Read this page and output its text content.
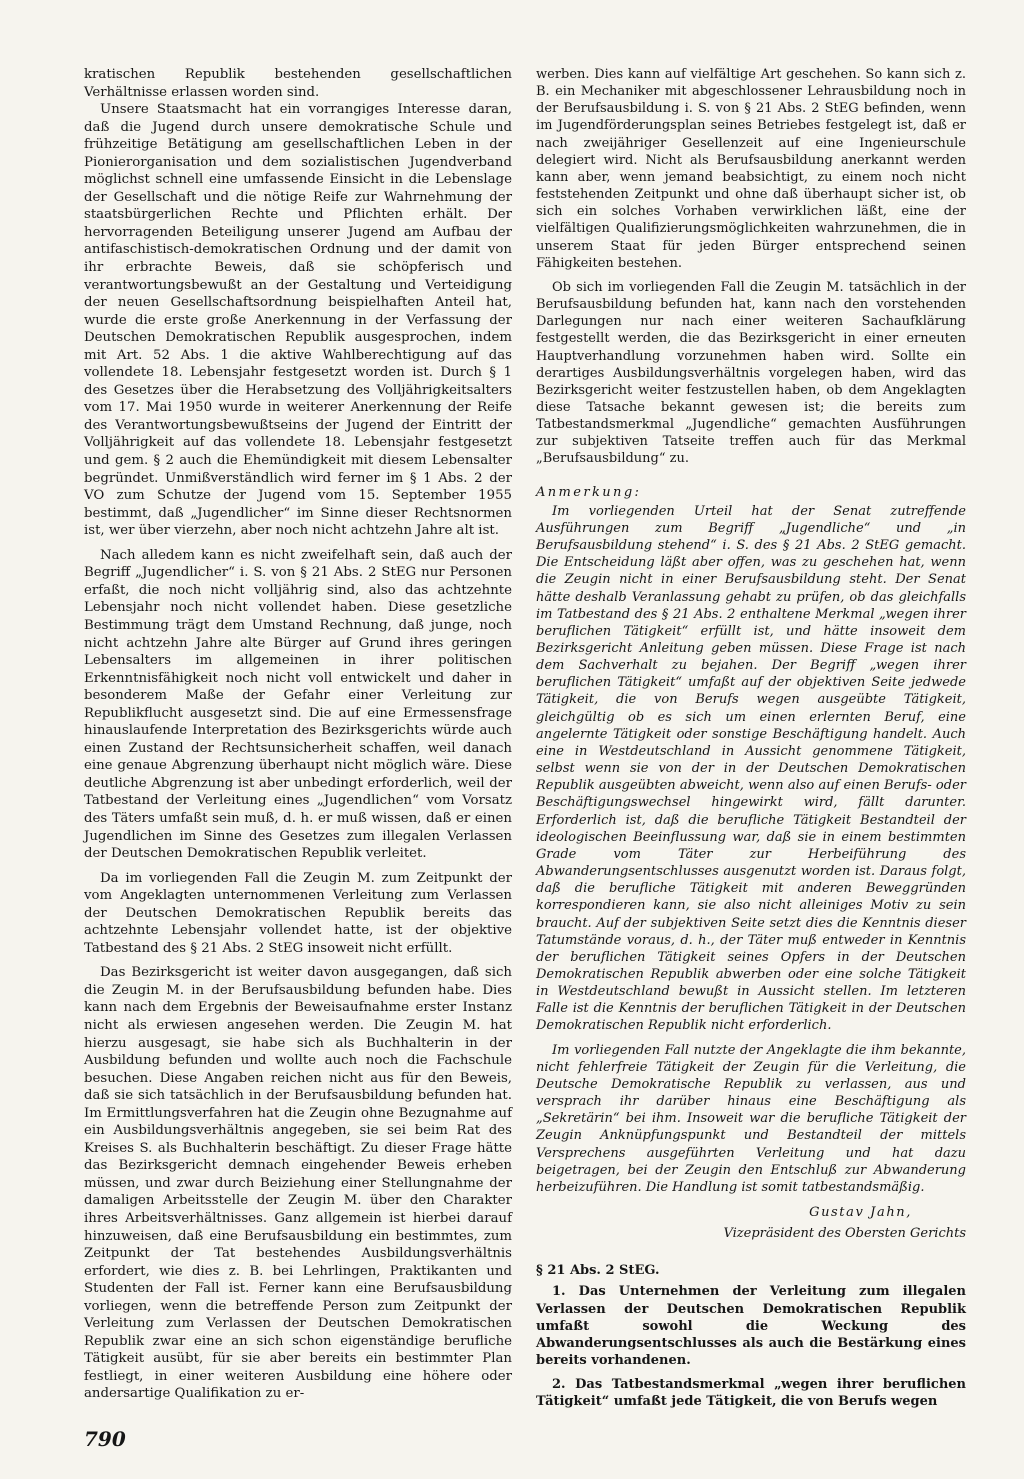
kratischen Republik bestehenden gesellschaftlichen Verhältnisse erlassen worden sind.

Unsere Staatsmacht hat ein vorrangiges Interesse daran, daß die Jugend durch unsere demokratische Schule und frühzeitige Betätigung am gesellschaftlichen Leben in der Pionierorganisation und dem sozialistischen Jugendverband möglichst schnell eine umfassende Einsicht in die Lebenslage der Gesellschaft und die nötige Reife zur Wahrnehmung der staatsbürgerlichen Rechte und Pflichten erhält. Der hervorragenden Beteiligung unserer Jugend am Aufbau der antifaschistisch-demokratischen Ordnung und der damit von ihr erbrachte Beweis, daß sie schöpferisch und verantwortungsbewußt an der Gestaltung und Verteidigung der neuen Gesellschaftsordnung beispielhaften Anteil hat, wurde die erste große Anerkennung in der Verfassung der Deutschen Demokratischen Republik ausgesprochen, indem mit Art. 52 Abs. 1 die aktive Wahlberechtigung auf das vollendete 18. Lebensjahr festgesetzt worden ist. Durch § 1 des Gesetzes über die Herabsetzung des Volljährigkeitsalters vom 17. Mai 1950 wurde in weiterer Anerkennung der Reife des Verantwortungsbewußtseins der Jugend der Eintritt der Volljährigkeit auf das vollendete 18. Lebensjahr festgesetzt und gem. § 2 auch die Ehemündigkeit mit diesem Lebensalter begründet. Unmißverständlich wird ferner im § 1 Abs. 2 der VO zum Schutze der Jugend vom 15. September 1955 bestimmt, daß „Jugendlicher“ im Sinne dieser Rechtsnormen ist, wer über vierzehn, aber noch nicht achtzehn Jahre alt ist.

Nach alledem kann es nicht zweifelhaft sein, daß auch der Begriff „Jugendlicher“ i. S. von § 21 Abs. 2 StEG nur Personen erfaßt, die noch nicht volljährig sind, also das achtzehnte Lebensjahr noch nicht vollendet haben. Diese gesetzliche Bestimmung trägt dem Umstand Rechnung, daß junge, noch nicht achtzehn Jahre alte Bürger auf Grund ihres geringen Lebensalters im allgemeinen in ihrer politischen Erkenntnisfähigkeit noch nicht voll entwickelt und daher in besonderem Maße der Gefahr einer Verleitung zur Republikflucht ausgesetzt sind. Die auf eine Ermessensfrage hinauslaufende Interpretation des Bezirksgerichts würde auch einen Zustand der Rechtsunsicherheit schaffen, weil danach eine genaue Abgrenzung überhaupt nicht möglich wäre. Diese deutliche Abgrenzung ist aber unbedingt erforderlich, weil der Tatbestand der Verleitung eines „Jugendlichen“ vom Vorsatz des Täters umfaßt sein muß, d. h. er muß wissen, daß er einen Jugendlichen im Sinne des Gesetzes zum illegalen Verlassen der Deutschen Demokratischen Republik verleitet.

Da im vorliegenden Fall die Zeugin M. zum Zeitpunkt der vom Angeklagten unternommenen Verleitung zum Verlassen der Deutschen Demokratischen Republik bereits das achtzehnte Lebensjahr vollendet hatte, ist der objektive Tatbestand des § 21 Abs. 2 StEG insoweit nicht erfüllt.

Das Bezirksgericht ist weiter davon ausgegangen, daß sich die Zeugin M. in der Berufsausbildung befunden habe. Dies kann nach dem Ergebnis der Beweisaufnahme erster Instanz nicht als erwiesen angesehen werden. Die Zeugin M. hat hierzu ausgesagt, sie habe sich als Buchhalterin in der Ausbildung befunden und wollte auch noch die Fachschule besuchen. Diese Angaben reichen nicht aus für den Beweis, daß sie sich tatsächlich in der Berufsausbildung befunden hat. Im Ermittlungsverfahren hat die Zeugin ohne Bezugnahme auf ein Ausbildungsverhältnis angegeben, sie sei beim Rat des Kreises S. als Buchhalterin beschäftigt. Zu dieser Frage hätte das Bezirksgericht demnach eingehender Beweis erheben müssen, und zwar durch Beiziehung einer Stellungnahme der damaligen Arbeitsstelle der Zeugin M. über den Charakter ihres Arbeitsverhältnisses. Ganz allgemein ist hierbei darauf hinzuweisen, daß eine Berufsausbildung ein bestimmtes, zum Zeitpunkt der Tat bestehendes Ausbildungsverhältnis erfordert, wie dies z. B. bei Lehrlingen, Praktikanten und Studenten der Fall ist. Ferner kann eine Berufsausbildung vorliegen, wenn die betreffende Person zum Zeitpunkt der Verleitung zum Verlassen der Deutschen Demokratischen Republik zwar eine an sich schon eigenständige berufliche Tätigkeit ausübt, für sie aber bereits ein bestimmter Plan festliegt, in einer weiteren Ausbildung eine höhere oder andersartige Qualifikation zu er-

werben. Dies kann auf vielfältige Art geschehen. So kann sich z. B. ein Mechaniker mit abgeschlossener Lehrausbildung noch in der Berufsausbildung i. S. von § 21 Abs. 2 StEG befinden, wenn im Jugendförderungsplan seines Betriebes festgelegt ist, daß er nach zweijähriger Gesellenzeit auf eine Ingenieurschule delegiert wird. Nicht als Berufsausbildung anerkannt werden kann aber, wenn jemand beabsichtigt, zu einem noch nicht feststehenden Zeitpunkt und ohne daß überhaupt sicher ist, ob sich ein solches Vorhaben verwirklichen läßt, eine der vielfältigen Qualifizierungsmöglichkeiten wahrzunehmen, die in unserem Staat für jeden Bürger entsprechend seinen Fähigkeiten bestehen.

Ob sich im vorliegenden Fall die Zeugin M. tatsächlich in der Berufsausbildung befunden hat, kann nach den vorstehenden Darlegungen nur nach einer weiteren Sachaufklärung festgestellt werden, die das Bezirksgericht in einer erneuten Hauptverhandlung vorzunehmen haben wird. Sollte ein derartiges Ausbildungsverhältnis vorgelegen haben, wird das Bezirksgericht weiter festzustellen haben, ob dem Angeklagten diese Tatsache bekannt gewesen ist; die bereits zum Tatbestandsmerkmal „Jugendliche“ gemachten Ausführungen zur subjektiven Tatseite treffen auch für das Merkmal „Berufsausbildung“ zu.

Anmerkung:

Im vorliegenden Urteil hat der Senat zutreffende Ausführungen zum Begriff „Jugendliche“ und „in Berufsausbildung stehend“ i. S. des § 21 Abs. 2 StEG gemacht. Die Entscheidung läßt aber offen, was zu geschehen hat, wenn die Zeugin nicht in einer Berufsausbildung steht. Der Senat hätte deshalb Veranlassung gehabt zu prüfen, ob das gleichfalls im Tatbestand des § 21 Abs. 2 enthaltene Merkmal „wegen ihrer beruflichen Tätigkeit“ erfüllt ist, und hätte insoweit dem Bezirksgericht Anleitung geben müssen. Diese Frage ist nach dem Sachverhalt zu bejahen. Der Begriff „wegen ihrer beruflichen Tätigkeit“ umfaßt auf der objektiven Seite jedwede Tätigkeit, die von Berufs wegen ausgeübte Tätigkeit, gleichgültig ob es sich um einen erlernten Beruf, eine angelernte Tätigkeit oder sonstige Beschäftigung handelt. Auch eine in Westdeutschland in Aussicht genommene Tätigkeit, selbst wenn sie von der in der Deutschen Demokratischen Republik ausgeübten abweicht, wenn also auf einen Berufs- oder Beschäftigungswechsel hingewirkt wird, fällt darunter. Erforderlich ist, daß die berufliche Tätigkeit Bestandteil der ideologischen Beeinflussung war, daß sie in einem bestimmten Grade vom Täter zur Herbeiführung des Abwanderungsentschlusses ausgenutzt worden ist. Daraus folgt, daß die berufliche Tätigkeit mit anderen Beweggründen korrespondieren kann, sie also nicht alleiniges Motiv zu sein braucht. Auf der subjektiven Seite setzt dies die Kenntnis dieser Tatumstände voraus, d. h., der Täter muß entweder in Kenntnis der beruflichen Tätigkeit seines Opfers in der Deutschen Demokratischen Republik abwerben oder eine solche Tätigkeit in Westdeutschland bewußt in Aussicht stellen. Im letzteren Falle ist die Kenntnis der beruflichen Tätigkeit in der Deutschen Demokratischen Republik nicht erforderlich.

Im vorliegenden Fall nutzte der Angeklagte die ihm bekannte, nicht fehlerfreie Tätigkeit der Zeugin für die Verleitung, die Deutsche Demokratische Republik zu verlassen, aus und versprach ihr darüber hinaus eine Beschäftigung als „Sekretärin“ bei ihm. Insoweit war die berufliche Tätigkeit der Zeugin Anknüpfungspunkt und Bestandteil der mittels Versprechens ausgeführten Verleitung und hat dazu beigetragen, bei der Zeugin den Entschluß zur Abwanderung herbeizuführen. Die Handlung ist somit tatbestandsmäßig.

Gustav Jahn,

Vizepräsident des Obersten Gerichts

§ 21 Abs. 2 StEG.

1. Das Unternehmen der Verleitung zum illegalen Verlassen der Deutschen Demokratischen Republik umfaßt sowohl die Weckung des Abwanderungsentschlusses als auch die Bestärkung eines bereits vorhandenen.

2. Das Tatbestandsmerkmal „wegen ihrer beruflichen Tätigkeit“ umfaßt jede Tätigkeit, die von Berufs wegen

790
